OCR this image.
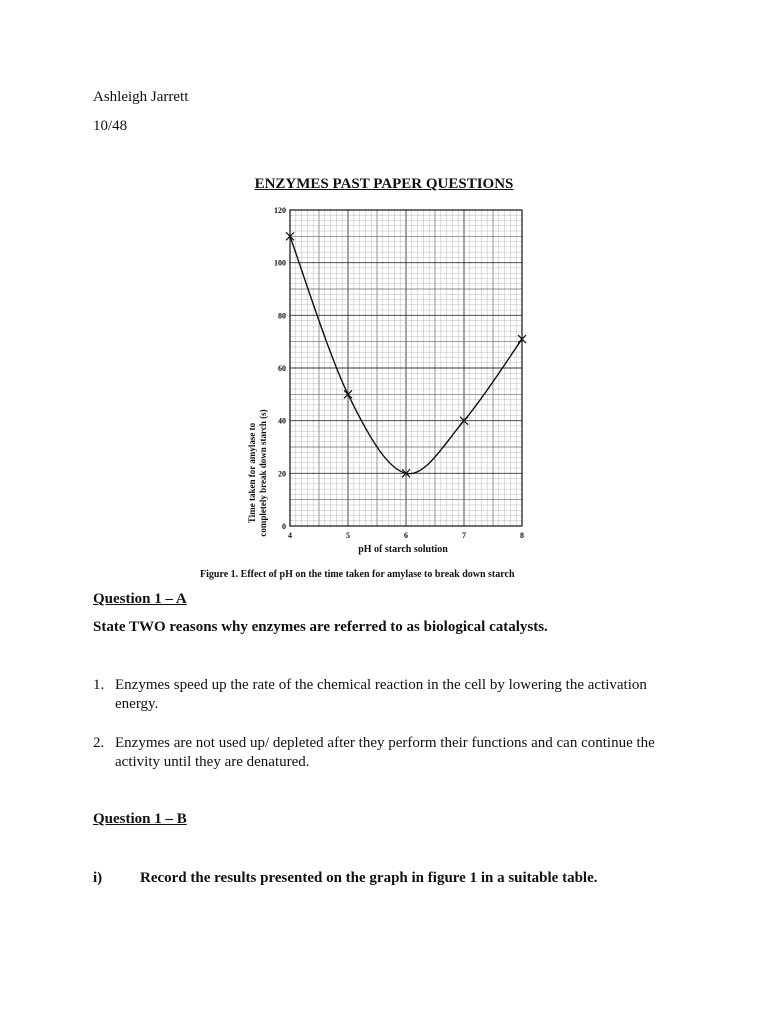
Ashleigh Jarrett
10/48
ENZYMES PAST PAPER QUESTIONS
0
20
40
60
80
100
120
4	5	6	7	8
Time taken for amylase to completely break down starch (s)
pH of starch solution
Figure 1. Effect of pH on the time taken for amylase to break down starch
Question 1 – A
State TWO reasons why enzymes are referred to as biological catalysts.
1. Enzymes speed up the rate of the chemical reaction in the cell by lowering the activation energy.
2. Enzymes are not used up/ depleted after they perform their functions and can continue the activity until they are denatured.
Question 1 – B
i)	Record the results presented on the graph in figure 1 in a suitable table.
